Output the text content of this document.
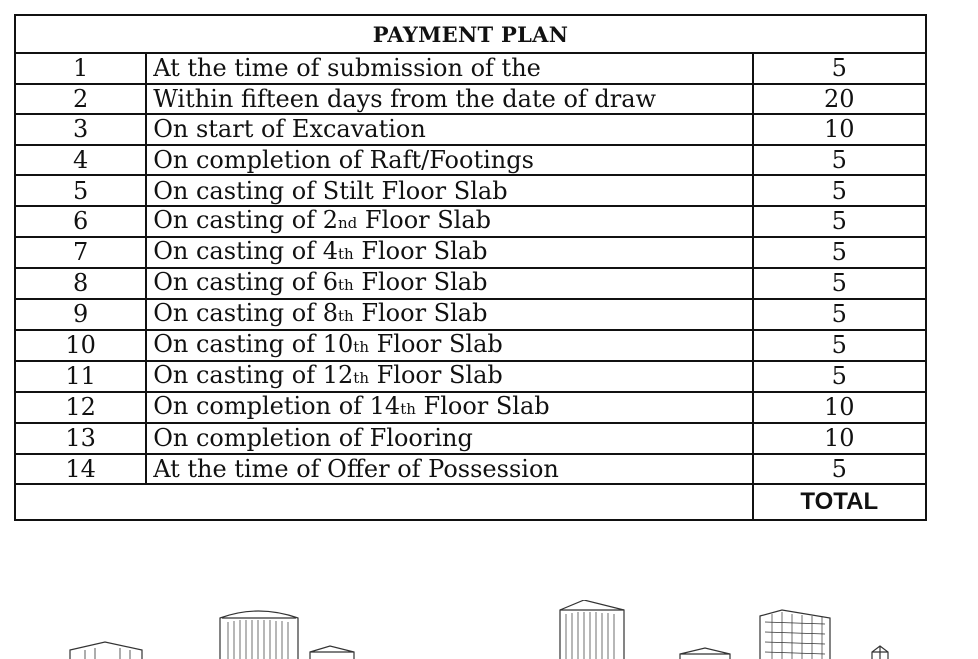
PAYMENT PLAN		
1	At the time of submission of the	5
2	Within fifteen days from the date of draw	20
3	On start of Excavation	10
4	On completion of Raft/Footings	5
5	On casting of Stilt Floor Slab	5
6	On casting of 2nd Floor Slab	5
7	On casting of 4th Floor Slab	5
8	On casting of 6th Floor Slab	5
9	On casting of 8th Floor Slab	5
10	On casting of 10th Floor Slab	5
11	On casting of 12th Floor Slab	5
12	On completion of 14th Floor Slab	10
13	On completion of Flooring	10
14	At the time of Offer of Possession	5
		TOTAL
